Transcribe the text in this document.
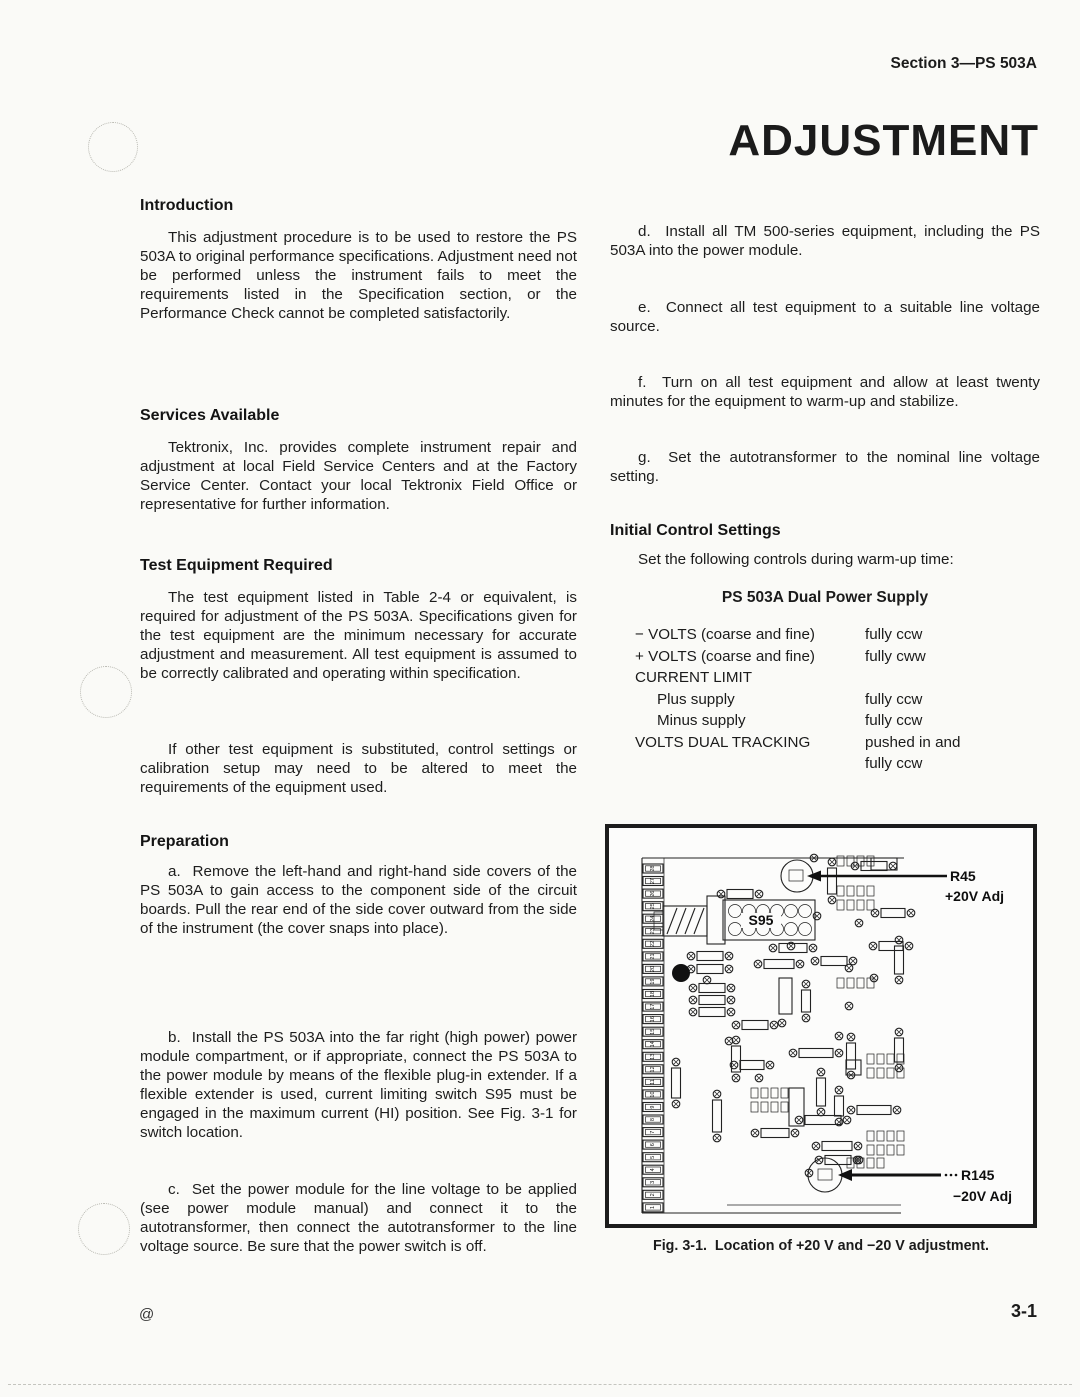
Section 3—PS 503A
ADJUSTMENT
Introduction
This adjustment procedure is to be used to restore the PS 503A to original performance specifications. Adjustment need not be performed unless the instrument fails to meet the requirements listed in the Specification section, or the Performance Check cannot be completed satisfactorily.
Services Available
Tektronix, Inc. provides complete instrument repair and adjustment at local Field Service Centers and at the Factory Service Center. Contact your local Tektronix Field Office or representative for further information.
Test Equipment Required
The test equipment listed in Table 2-4 or equivalent, is required for adjustment of the PS 503A. Specifications given for the test equipment are the minimum necessary for accurate adjustment and measurement. All test equipment is assumed to be correctly calibrated and operating within specification.
If other test equipment is substituted, control settings or calibration setup may need to be altered to meet the requirements of the equipment used.
Preparation
a.  Remove the left-hand and right-hand side covers of the PS 503A to gain access to the component side of the circuit boards. Pull the rear end of the side cover outward from the side of the instrument (the cover snaps into place).
b.  Install the PS 503A into the far right (high power) power module compartment, or if appropriate, connect the PS 503A to the power module by means of the flexible plug-in extender. If a flexible extender is used, current limiting switch S95 must be engaged in the maximum current (HI) position. See Fig. 3-1 for switch location.
c.  Set the power module for the line voltage to be applied (see power module manual) and connect it to the autotransformer, then connect the autotransformer to the line voltage source. Be sure that the power switch is off.
d.  Install all TM 500-series equipment, including the PS 503A into the power module.
e.  Connect all test equipment to a suitable line voltage source.
f.  Turn on all test equipment and allow at least twenty minutes for the equipment to warm-up and stabilize.
g.  Set the autotransformer to the nominal line voltage setting.
Initial Control Settings
Set the following controls during warm-up time:
PS 503A Dual Power Supply
− VOLTS (coarse and fine)	fully ccw
+ VOLTS (coarse and fine)	fully cww
CURRENT LIMIT
Plus supply	fully ccw
Minus supply	fully ccw
VOLTS DUAL TRACKING	pushed in and
fully ccw
28
27
26
25
24
23
22
21
20
19
18
17
16
15
14
13
12
11
10
9
8
7
6
5
4
3
2
1
S95
R45
+20V Adj
R145
−20V Adj
Fig. 3-1.  Location of +20 V and −20 V adjustment.
@	3-1
